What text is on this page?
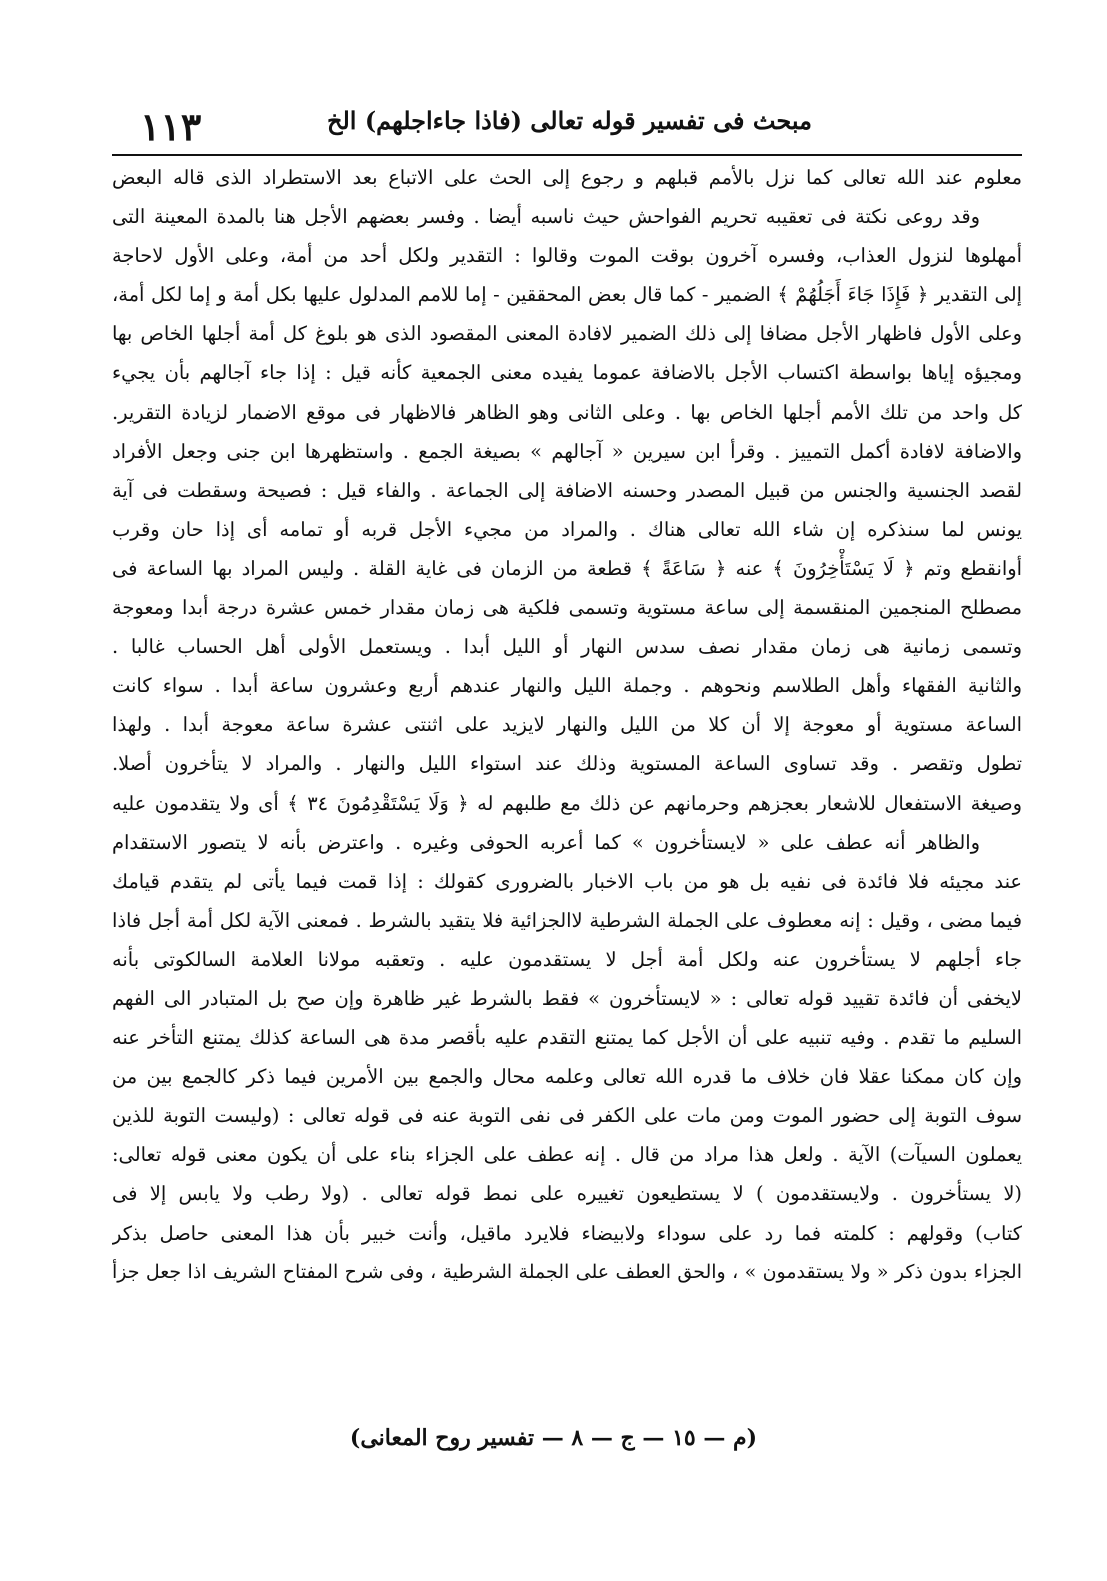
مبحث فى تفسير قوله تعالى (فاذا جاءاجلهم) الخ
١١٣
معلوم عند الله تعالى كما نزل بالأمم قبلهم و رجوع إلى الحث على الاتباع بعد الاستطراد الذى قاله البعض
وقد روعى نكتة فى تعقيبه تحريم الفواحش حيث ناسبه أيضا . وفسر بعضهم الأجل هنا بالمدة المعينة التى
أمهلوها لنزول العذاب، وفسره آخرون بوقت الموت وقالوا : التقدير ولكل أحد من أمة، وعلى الأول لاحاجة
إلى التقدير ﴿ فَإِذَا جَاءَ أَجَلُهُمْ ﴾ الضمير - كما قال بعض المحققين - إما للامم المدلول عليها بكل أمة و إما لكل أمة،
وعلى الأول فاظهار الأجل مضافا إلى ذلك الضمير لافادة المعنى المقصود الذى هو بلوغ كل أمة أجلها الخاص بها
ومجيؤه إياها بواسطة اكتساب الأجل بالاضافة عموما يفيده معنى الجمعية كأنه قيل : إذا جاء آجالهم بأن يجيء
كل واحد من تلك الأمم أجلها الخاص بها . وعلى الثانى وهو الظاهر فالاظهار فى موقع الاضمار لزيادة التقرير.
والاضافة لافادة أكمل التمييز . وقرأ ابن سيرين « آجالهم » بصيغة الجمع . واستظهرها ابن جنى وجعل الأفراد
لقصد الجنسية والجنس من قبيل المصدر وحسنه الاضافة إلى الجماعة . والفاء قيل : فصيحة وسقطت فى آية
يونس لما سنذكره إن شاء الله تعالى هناك . والمراد من مجيء الأجل قربه أو تمامه أى إذا حان وقرب
أوانقطع وتم ﴿ لَا يَسْتَأْخِرُونَ ﴾ عنه ﴿ سَاعَةً ﴾ قطعة من الزمان فى غاية القلة . وليس المراد بها الساعة فى
مصطلح المنجمين المنقسمة إلى ساعة مستوية وتسمى فلكية هى زمان مقدار خمس عشرة درجة أبدا ومعوجة
وتسمى زمانية هى زمان مقدار نصف سدس النهار أو الليل أبدا . ويستعمل الأولى أهل الحساب غالبا .
والثانية الفقهاء وأهل الطلاسم ونحوهم . وجملة الليل والنهار عندهم أربع وعشرون ساعة أبدا . سواء كانت
الساعة مستوية أو معوجة إلا أن كلا من الليل والنهار لايزيد على اثنتى عشرة ساعة معوجة أبدا . ولهذا
تطول وتقصر . وقد تساوى الساعة المستوية وذلك عند استواء الليل والنهار . والمراد لا يتأخرون أصلا.
وصيغة الاستفعال للاشعار بعجزهم وحرمانهم عن ذلك مع طلبهم له ﴿ وَلَا يَسْتَقْدِمُونَ ٣٤ ﴾ أى ولا يتقدمون عليه
والظاهر أنه عطف على « لايستأخرون » كما أعربه الحوفى وغيره . واعترض بأنه لا يتصور الاستقدام
عند مجيئه فلا فائدة فى نفيه بل هو من باب الاخبار بالضرورى كقولك : إذا قمت فيما يأتى لم يتقدم قيامك
فيما مضى ، وقيل : إنه معطوف على الجملة الشرطية لاالجزائية فلا يتقيد بالشرط . فمعنى الآية لكل أمة أجل فاذا
جاء أجلهم لا يستأخرون عنه ولكل أمة أجل لا يستقدمون عليه . وتعقبه مولانا العلامة السالكوتى بأنه
لايخفى أن فائدة تقييد قوله تعالى : « لايستأخرون » فقط بالشرط غير ظاهرة وإن صح بل المتبادر الى الفهم
السليم ما تقدم . وفيه تنبيه على أن الأجل كما يمتنع التقدم عليه بأقصر مدة هى الساعة كذلك يمتنع التأخر عنه
وإن كان ممكنا عقلا فان خلاف ما قدره الله تعالى وعلمه محال والجمع بين الأمرين فيما ذكر كالجمع بين من
سوف التوبة إلى حضور الموت ومن مات على الكفر فى نفى التوبة عنه فى قوله تعالى : (وليست التوبة للذين
يعملون السيآت) الآية . ولعل هذا مراد من قال . إنه عطف على الجزاء بناء على أن يكون معنى قوله تعالى:
(لا يستأخرون . ولايستقدمون ) لا يستطيعون تغييره على نمط قوله تعالى . (ولا رطب ولا يابس إلا فى
كتاب) وقولهم : كلمته فما رد على سوداء ولابيضاء فلايرد ماقيل، وأنت خبير بأن هذا المعنى حاصل بذكر
الجزاء بدون ذكر « ولا يستقدمون » ، والحق العطف على الجملة الشرطية ، وفى شرح المفتاح الشريف اذا جعل جزأ
(م — ١٥ — ج — ٨ — تفسير روح المعانى)
